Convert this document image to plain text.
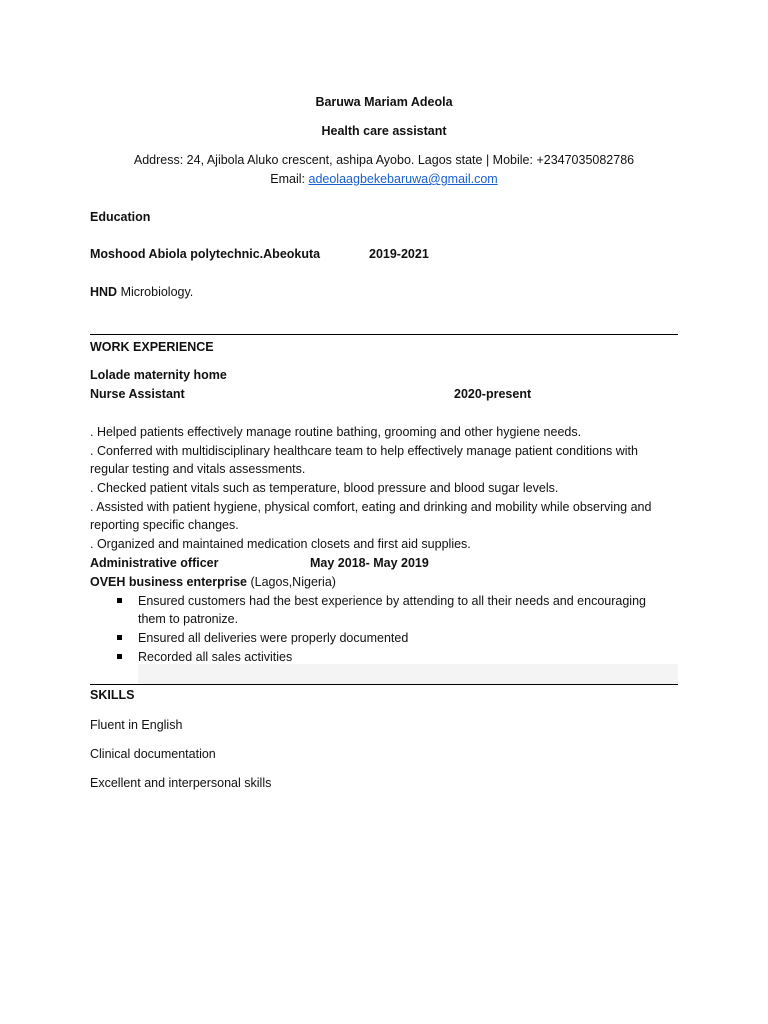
Baruwa Mariam Adeola
Health care assistant
Address: 24, Ajibola Aluko crescent, ashipa Ayobo. Lagos state | Mobile: +2347035082786
Email: adeolaagbekebaruwa@gmail.com
Education
Moshood Abiola polytechnic.Abeokuta	2019-2021
HND Microbiology.
WORK EXPERIENCE
Lolade maternity home
Nurse Assistant	2020-present
. Helped patients effectively manage routine bathing, grooming and other hygiene needs.
. Conferred with multidisciplinary healthcare team to help effectively manage patient conditions with
regular testing and vitals assessments.
. Checked patient vitals such as temperature, blood pressure and blood sugar levels.
. Assisted with patient hygiene, physical comfort, eating and drinking and mobility while observing and
reporting specific changes.
. Organized and maintained medication closets and first aid supplies.
Administrative officer	May 2018- May 2019
OVEH business enterprise (Lagos,Nigeria)
Ensured customers had the best experience by attending to all their needs and encouraging
them to patronize.
Ensured all deliveries were properly documented
Recorded all sales activities
SKILLS
Fluent in English
Clinical documentation
Excellent and interpersonal skills
